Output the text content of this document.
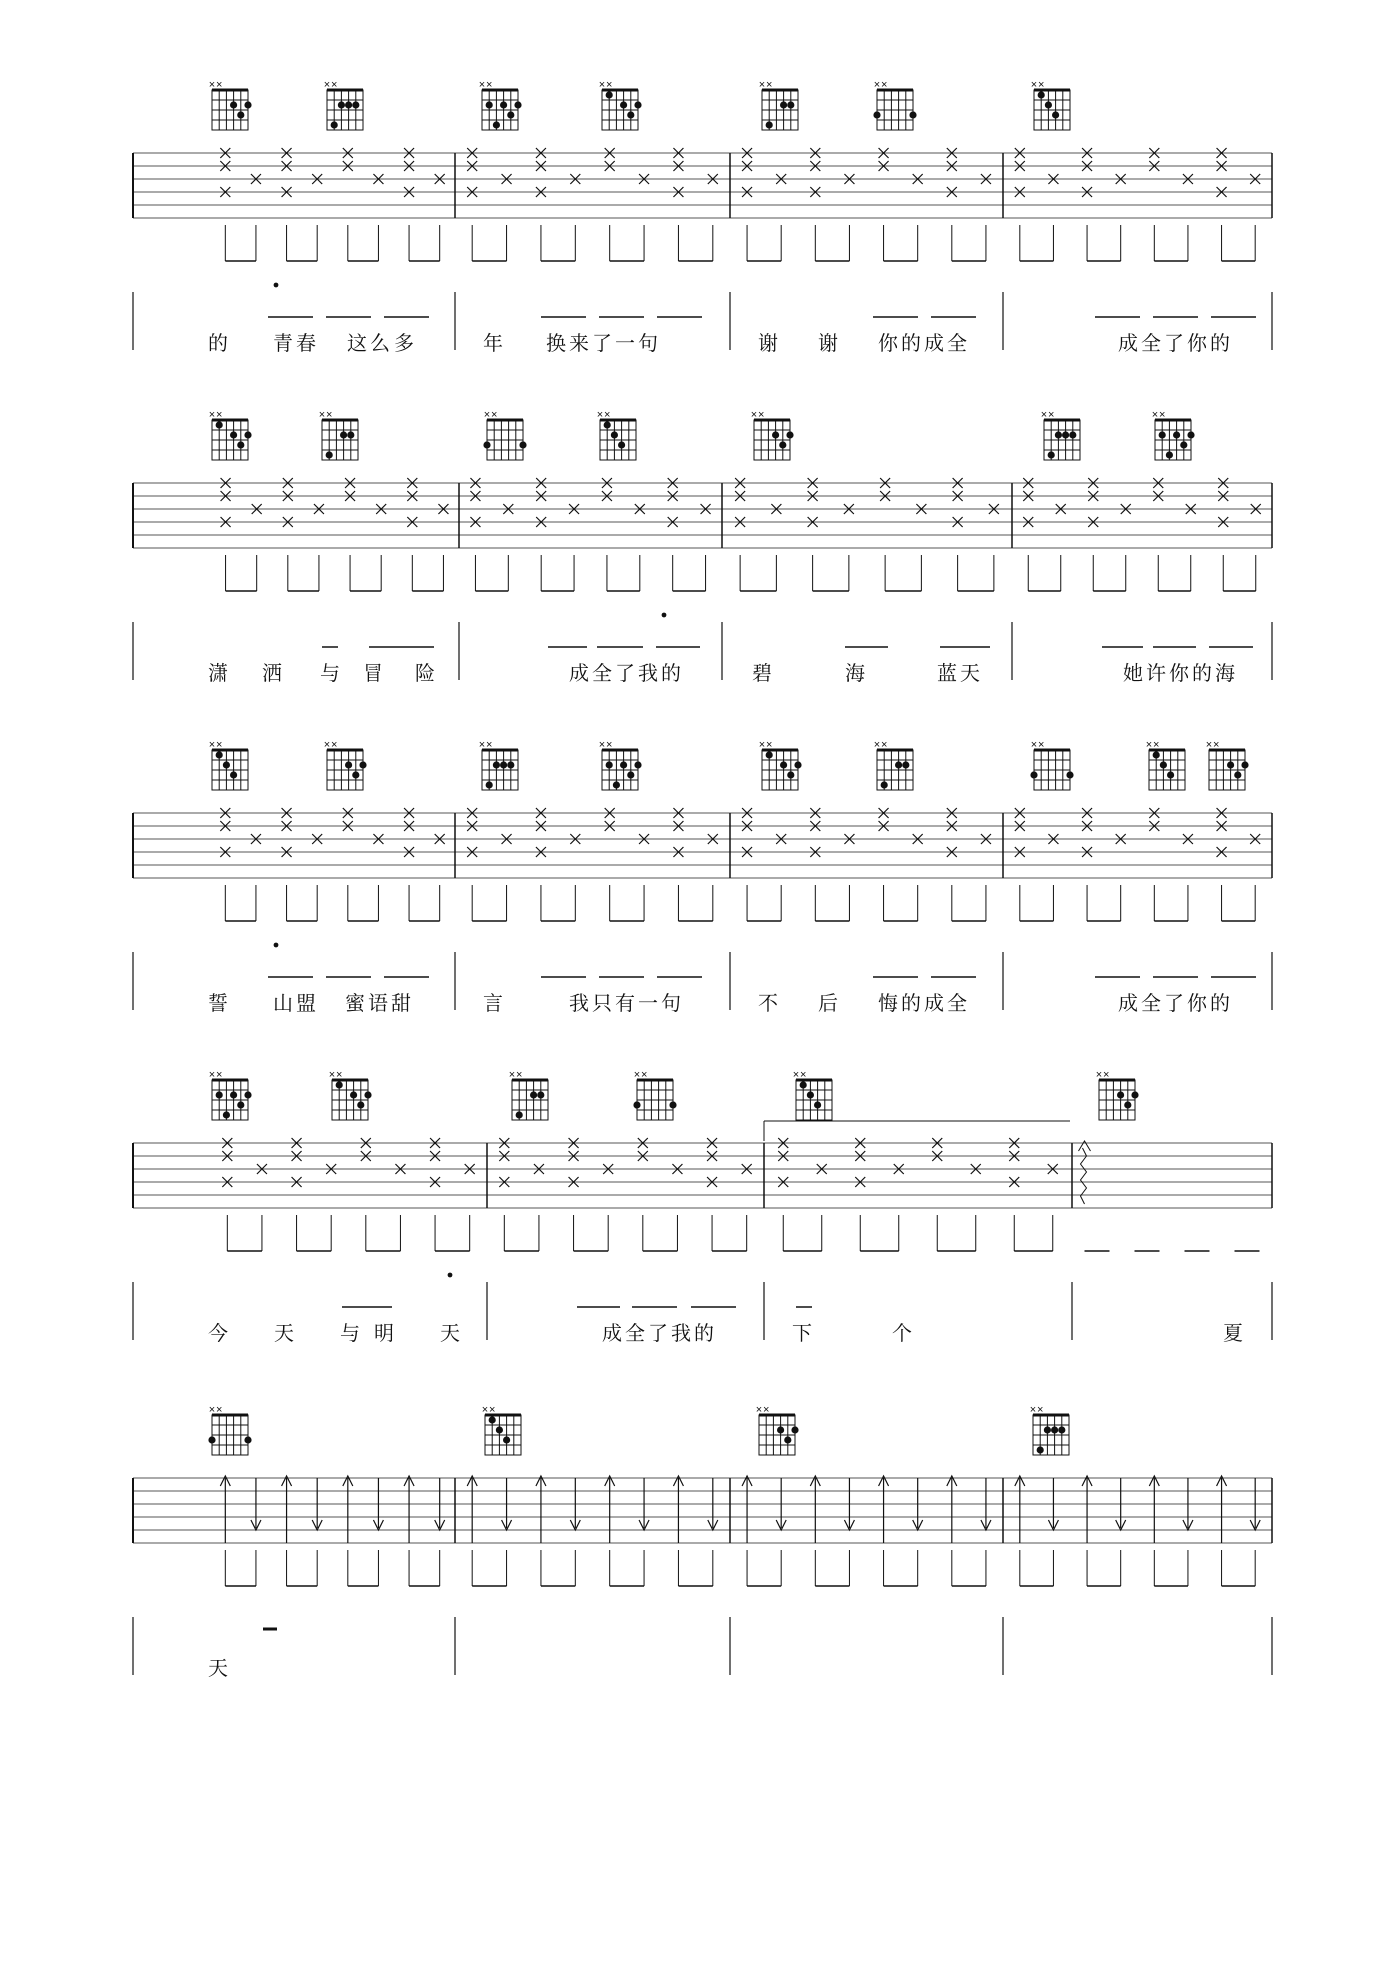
× ×	× ×	× ×	× ×	× ×	× ×	× ×
的 青 春 这 么 多	年 换 来 了 一 句	谢 谢 你 的 成 全	成 全 了 你 的
× ×	× ×	× ×	× ×	× ×	× ×	× ×
潇 洒 与 冒 险	成 全 了 我 的	碧	海	蓝 天	她 许 你 的 海
× ×	× ×	× ×	× ×	× ×	× ×	× ×	× ×	× ×
誓 山 盟 蜜 语 甜	言	我 只 有 一 句	不 后 悔 的 成 全	成 全 了 你 的
× ×	× ×	× ×	× ×	× ×	× ×
今 天 与 明 天	成 全 了 我 的	下	个	夏
× ×	× ×	× ×	× ×
天
